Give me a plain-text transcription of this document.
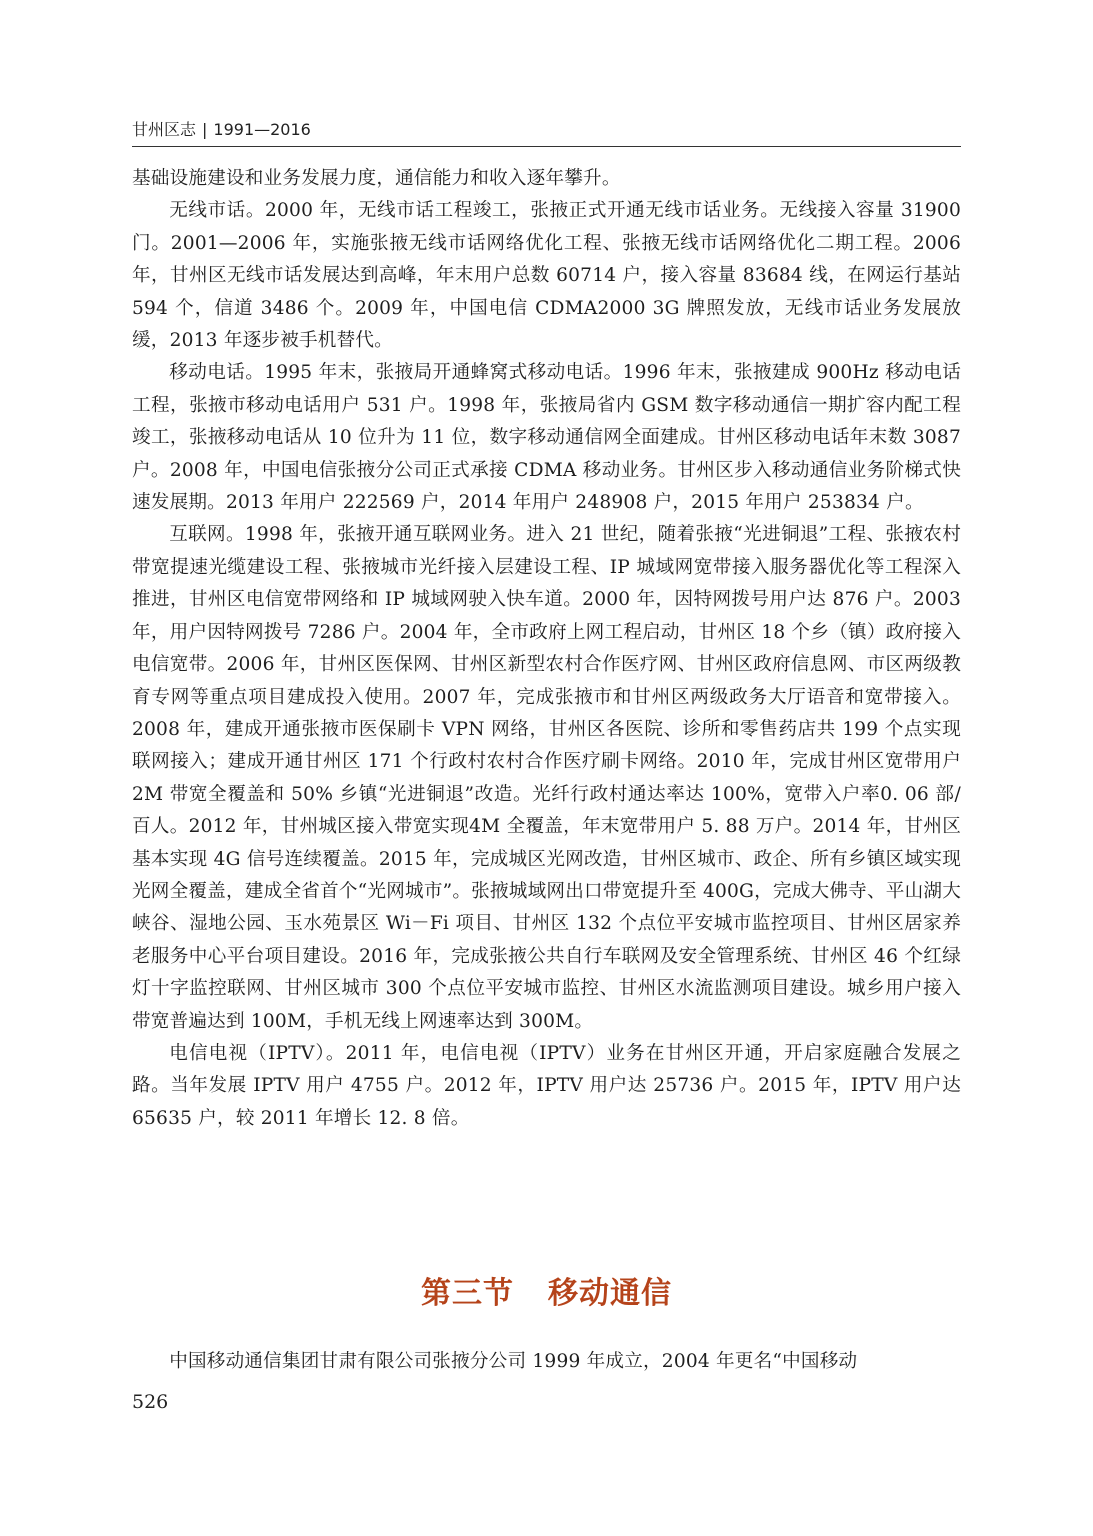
甘州区志 | 1991—2016

基础设施建设和业务发展力度，通信能力和收入逐年攀升。

无线市话。2000 年，无线市话工程竣工，张掖正式开通无线市话业务。无线接入容量 31900 门。2001—2006 年，实施张掖无线市话网络优化工程、张掖无线市话网络优化二期工程。2006 年，甘州区无线市话发展达到高峰，年末用户总数 60714 户，接入容量 83684 线，在网运行基站 594 个，信道 3486 个。2009 年，中国电信 CDMA2000 3G 牌照发放，无线市话业务发展放缓，2013 年逐步被手机替代。

移动电话。1995 年末，张掖局开通蜂窝式移动电话。1996 年末，张掖建成 900Hz 移动电话工程，张掖市移动电话用户 531 户。1998 年，张掖局省内 GSM 数字移动通信一期扩容内配工程竣工，张掖移动电话从 10 位升为 11 位，数字移动通信网全面建成。甘州区移动电话年末数 3087 户。2008 年，中国电信张掖分公司正式承接 CDMA 移动业务。甘州区步入移动通信业务阶梯式快速发展期。2013 年用户 222569 户，2014 年用户 248908 户，2015 年用户 253834 户。

互联网。1998 年，张掖开通互联网业务。进入 21 世纪，随着张掖“光进铜退”工程、张掖农村带宽提速光缆建设工程、张掖城市光纤接入层建设工程、IP 城域网宽带接入服务器优化等工程深入推进，甘州区电信宽带网络和 IP 城域网驶入快车道。2000 年，因特网拨号用户达 876 户。2003 年，用户因特网拨号 7286 户。2004 年，全市政府上网工程启动，甘州区 18 个乡（镇）政府接入电信宽带。2006 年，甘州区医保网、甘州区新型农村合作医疗网、甘州区政府信息网、市区两级教育专网等重点项目建成投入使用。2007 年，完成张掖市和甘州区两级政务大厅语音和宽带接入。2008 年，建成开通张掖市医保刷卡 VPN 网络，甘州区各医院、诊所和零售药店共 199 个点实现联网接入；建成开通甘州区 171 个行政村农村合作医疗刷卡网络。2010 年，完成甘州区宽带用户 2M 带宽全覆盖和 50% 乡镇“光进铜退”改造。光纤行政村通达率达 100%，宽带入户率0. 06 部/百人。2012 年，甘州城区接入带宽实现4M 全覆盖，年末宽带用户 5. 88 万户。2014 年，甘州区基本实现 4G 信号连续覆盖。2015 年，完成城区光网改造，甘州区城市、政企、所有乡镇区域实现光网全覆盖，建成全省首个“光网城市”。张掖城域网出口带宽提升至 400G，完成大佛寺、平山湖大峡谷、湿地公园、玉水苑景区 Wi－Fi 项目、甘州区 132 个点位平安城市监控项目、甘州区居家养老服务中心平台项目建设。2016 年，完成张掖公共自行车联网及安全管理系统、甘州区 46 个红绿灯十字监控联网、甘州区城市 300 个点位平安城市监控、甘州区水流监测项目建设。城乡用户接入带宽普遍达到 100M，手机无线上网速率达到 300M。

电信电视（IPTV）。2011 年，电信电视（IPTV）业务在甘州区开通，开启家庭融合发展之路。当年发展 IPTV 用户 4755 户。2012 年，IPTV 用户达 25736 户。2015 年，IPTV 用户达 65635 户，较 2011 年增长 12. 8 倍。

第三节 移动通信

中国移动通信集团甘肃有限公司张掖分公司 1999 年成立，2004 年更名“中国移动

526
